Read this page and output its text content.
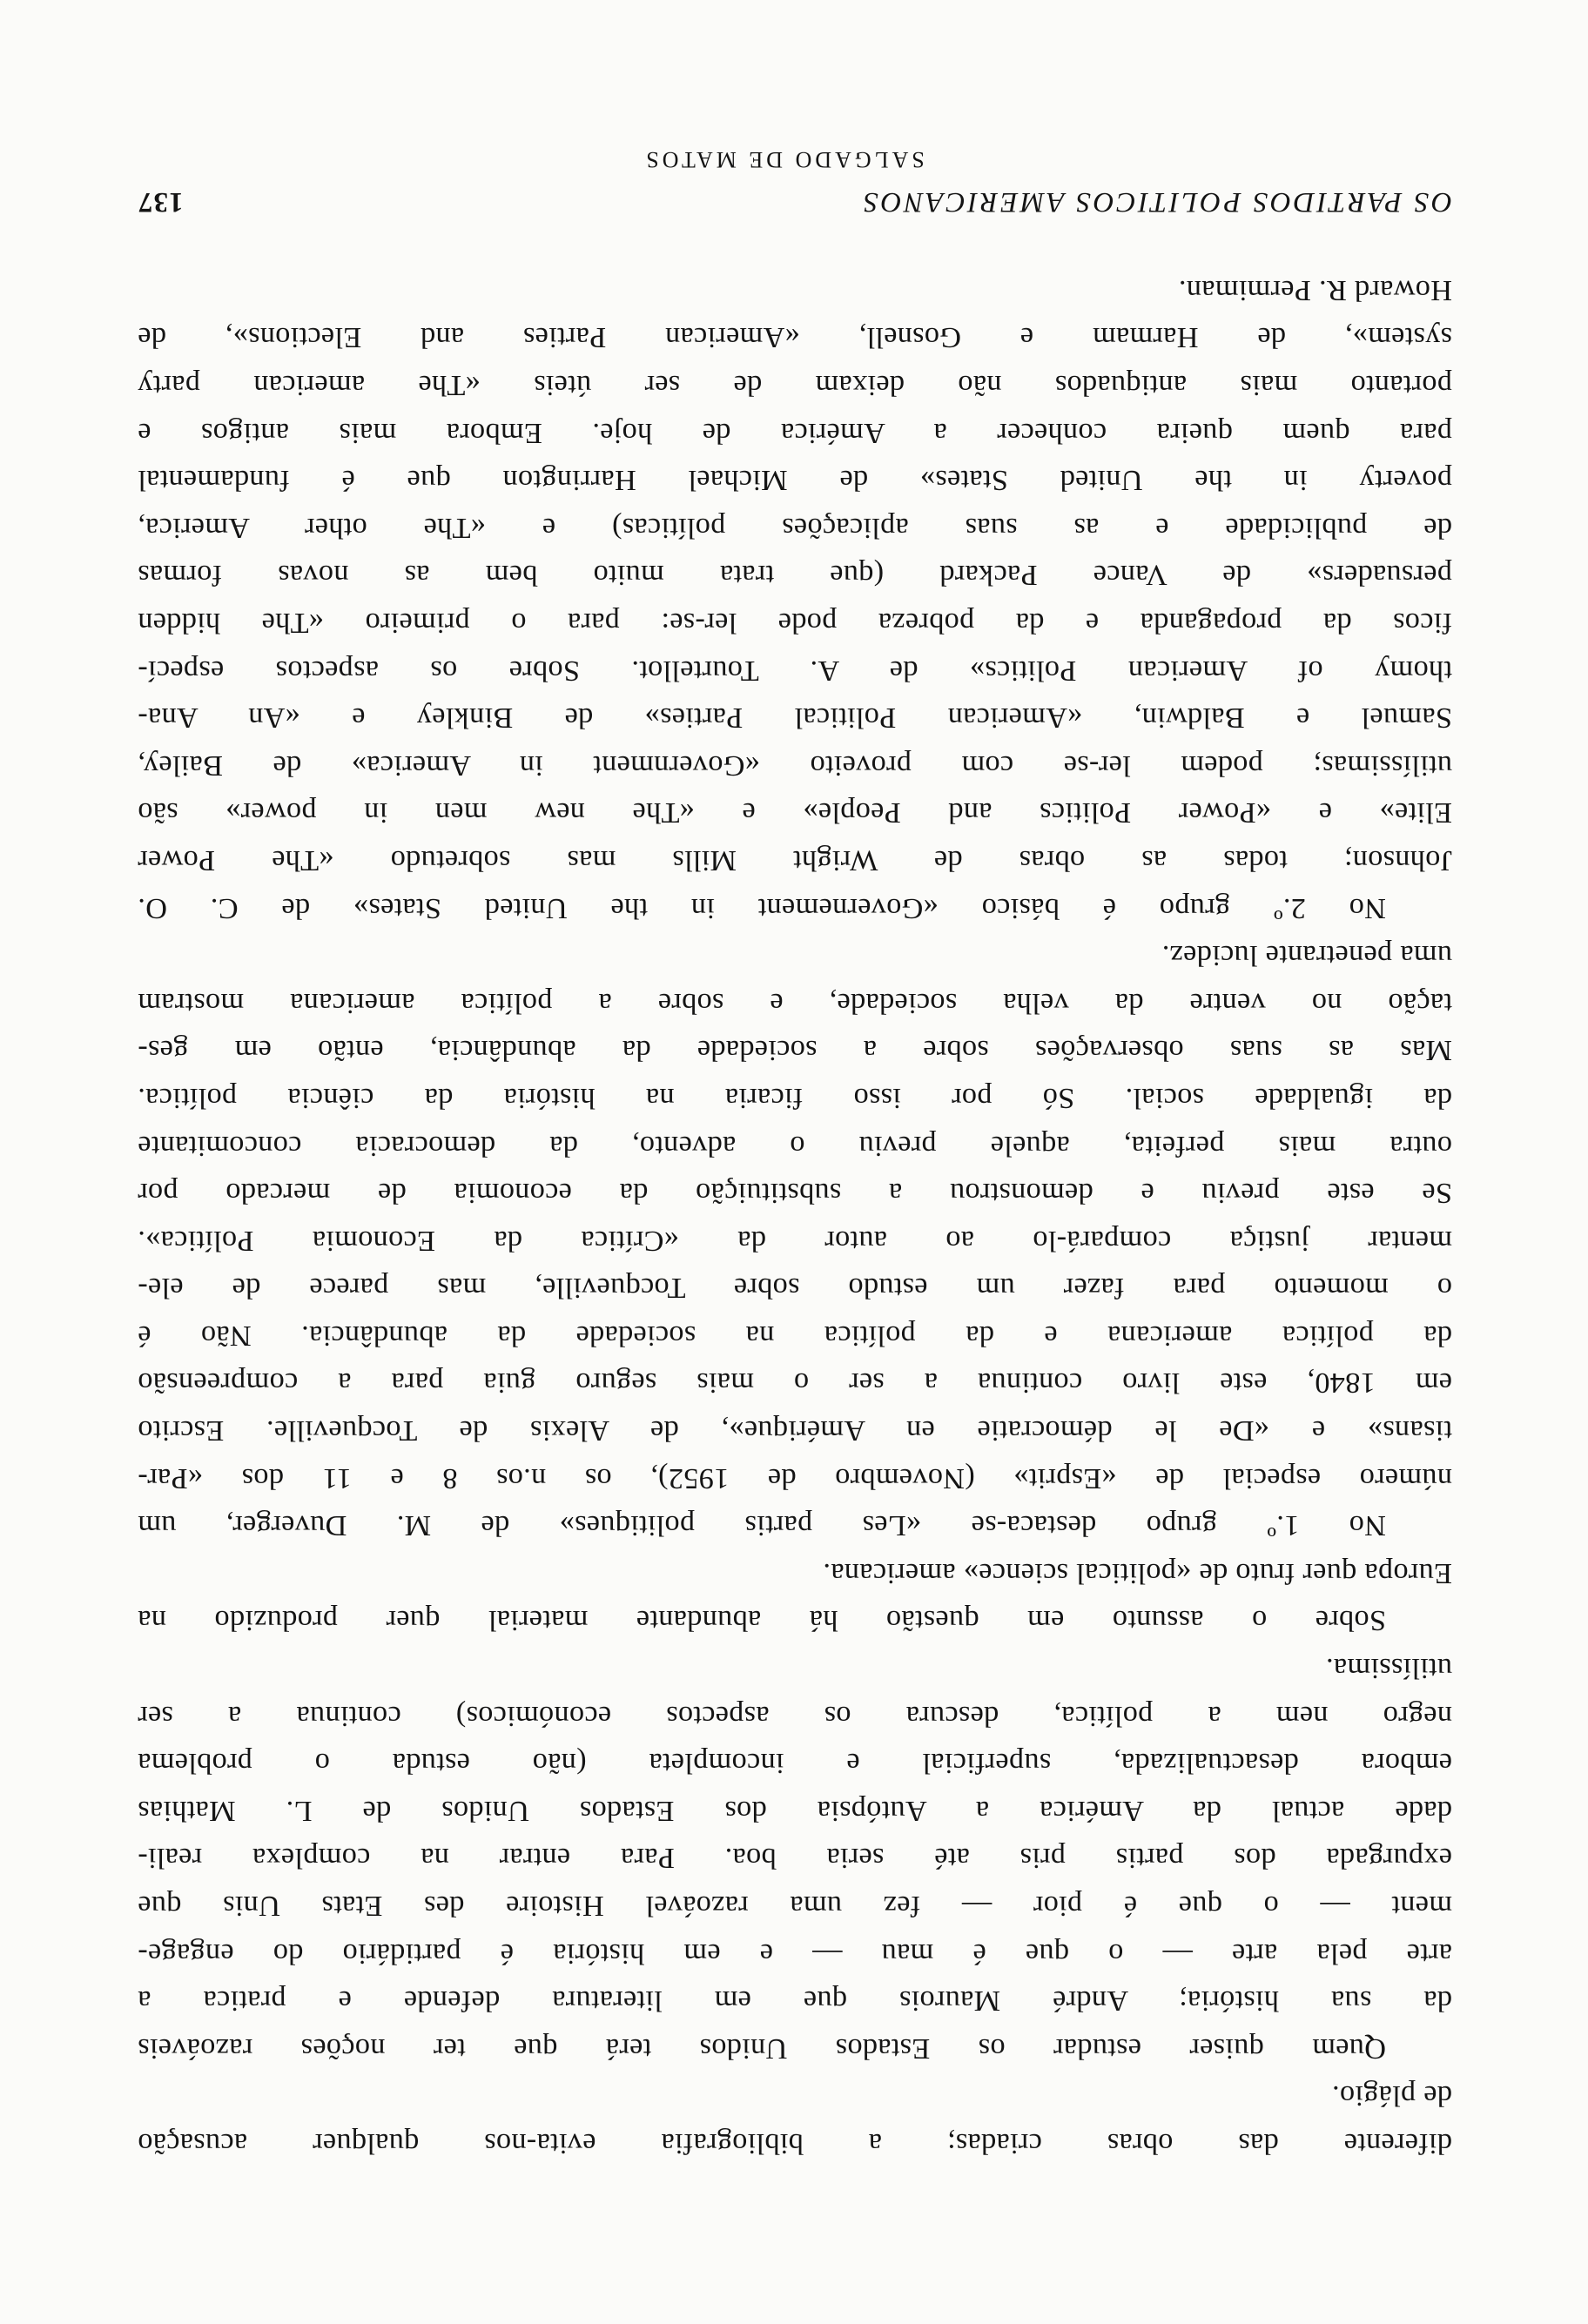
OS PARTIDOS POLITICOS AMERICANOS
137
diferente das obras criadas; a bibliografia evita-nos qualquer acusação
de plágio.
Quem quiser estudar os Estados Unidos terá que ter noções razoáveis
da sua história; André Maurois que em literatura defende e pratica a
arte pela arte — o que é mau — e em história é partidário do engage-
ment — o que é pior — fez uma razoável Histoire des Etats Unis que
expurgada dos partis pris até seria boa. Para entrar na complexa reali-
dade actual da América a Autópsia dos Estados Unidos de L. Mathias
embora desactualizada, superficial e incompleta (não estuda o problema
negro nem a política, descura os aspectos económicos) continua a ser
utilíssima.
Sobre o assunto em questão há abundante material quer produzido na
Europa quer fruto de «political science» americana.
No 1.º grupo destaca-se «Les partis politiques» de M. Duverger, um
número especial de «Esprit» (Novembro de 1952), os n.os 8 e 11 dos «Par-
tisans» e «De le démocratie en Amérique», de Alexis de Tocqueville. Escrito
em 1840, este livro continua a ser o mais seguro guia para a compreensão
da política americana e da política na sociedade da abundância. Não é
o momento para fazer um estudo sobre Tocqueville, mas parece de ele-
mentar justiça compará-lo ao autor da «Crítica da Economia Política».
Se este previu e demonstrou a substituição da economia de mercado por
outra mais perfeita, aquele previu o advento, da democracia concomitante
da igualdade social. Só por isso ficaria na história da ciência política.
Mas as suas observações sobre a sociedade da abundância, então em ges-
tação no ventre da velha sociedade, e sobre a política americana mostram
uma penetrante lucidez.
No 2.º grupo é básico «Governement in the United States» de C. O.
Johnson; todas as obras de Wright Mills mas sobretudo «The Power
Elite» e «Power Politics and People» e «The new men in power» são
utilíssimas; podem ler-se com proveito «Government in America» de Bailey,
Samuel e Baldwin, «American Political Parties» de Binkley e «An Ana-
thomy of American Politics» de A. Tourtellot. Sobre os aspectos especí-
ficos da propaganda e da pobreza pode ler-se: para o primeiro «The hidden
persuaders» de Vance Packard (que trata muito bem as novas formas
de publicidade e as suas aplicações políticas) e «The other America,
poverty in the United States» de Michael Harrington que é fundamental
para quem queira conhecer a América de hoje. Embora mais antigos e
portanto mais antiquados não deixam de ser úteis «The american party
system», de Harmam e Gosnell, «American Parties and Elections», de
Howard R. Permiman.
SALGADO DE MATOS
